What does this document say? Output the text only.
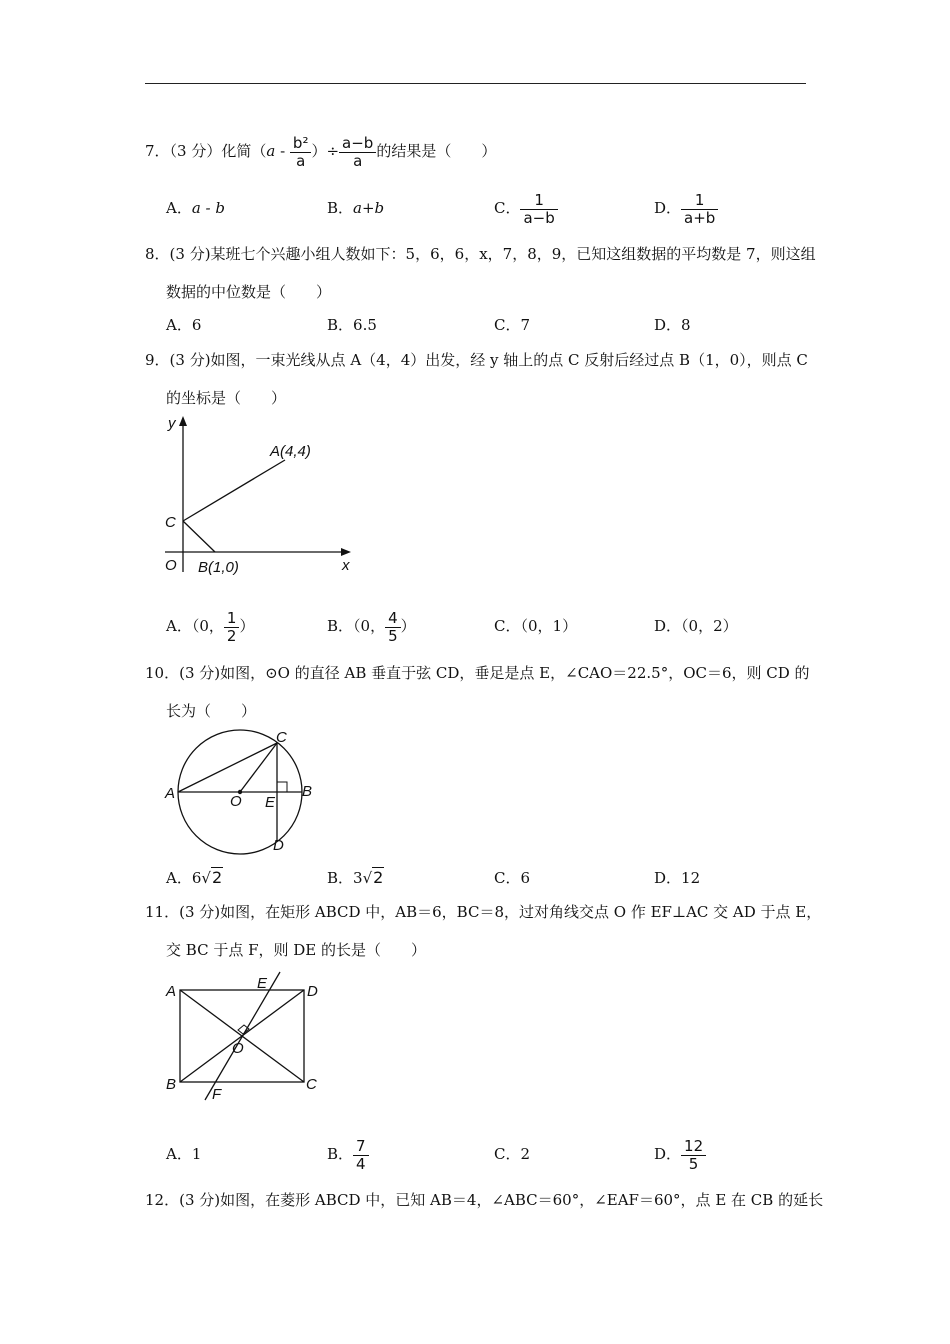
7．（3 分）化简（$a - \frac{\text{b²}}{a}$ ）÷ $\frac{a-b}{a}$ 的结果是（　　）
A．a - b	B．a+b	C． $\frac{1}{a-b}$	D． $\frac{1}{a+b}$
8．(3 分)某班七个兴趣小组人数如下：5，6，6，x，7，8，9，已知这组数据的平均数是 7，则这组
数据的中位数是（　　）
A．6	B．6.5	C．7	D．8
9．(3 分)如图，一束光线从点 A（4，4）出发，经 y 轴上的点 C 反射后经过点 B（1，0），则点 C
的坐标是（　　）
y
x
O
C
A(4,4)
B(1,0)
A．（0， $\frac{1}{2}$ ）	B．（0， $\frac{4}{5}$ ）	C．（0，1）	D．（0，2）
10．(3 分)如图，⊙O 的直径 AB 垂直于弦 CD，垂足是点 E，∠CAO＝22.5°，OC＝6，则 CD 的
长为（　　）
A	B
C
D
E
O
A．6√2	B．3√2	C．6	D．12
11．(3 分)如图，在矩形 ABCD 中，AB＝6，BC＝8，过对角线交点 O 作 EF⊥AC 交 AD 于点 E，
交 BC 于点 F，则 DE 的长是（　　）
A
B	C
D
E
F
O
A．1	B． $\frac{7}{4}$	C．2	D． $\frac{12}{5}$
12．(3 分)如图，在菱形 ABCD 中，已知 AB＝4，∠ABC＝60°，∠EAF＝60°，点 E 在 CB 的延长
